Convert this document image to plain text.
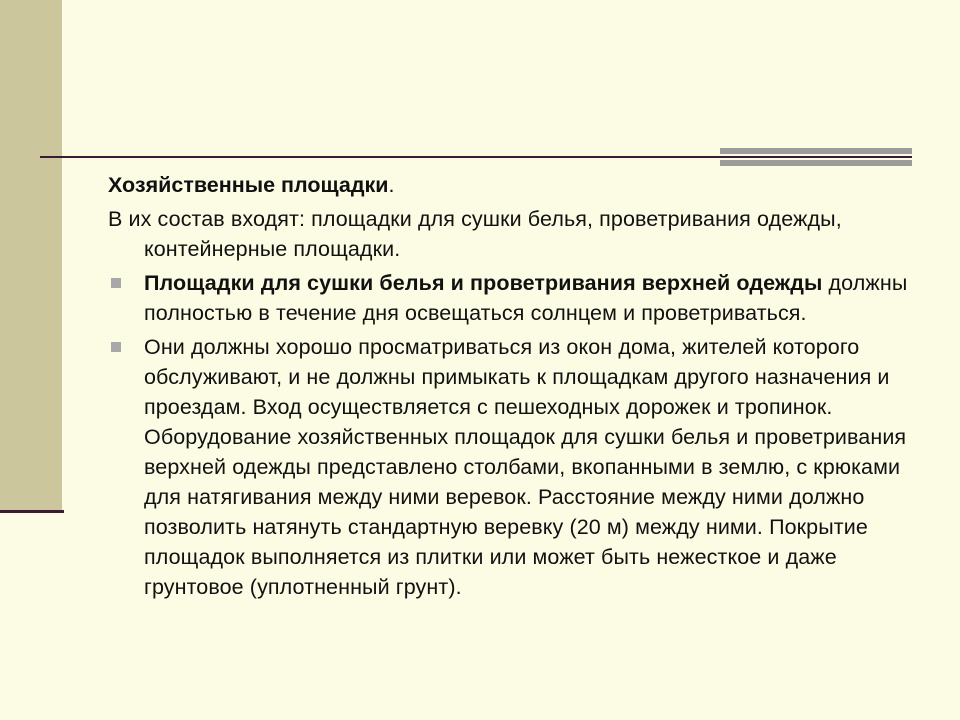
Хозяйственные площадки.

В их состав входят: площадки для сушки белья, проветривания одежды, контейнерные площадки.

Площадки для сушки белья и проветривания верхней одежды должны полностью в течение дня освещаться солнцем и проветриваться.
Они должны хорошо просматриваться из окон дома, жителей которого обслуживают, и не должны примыкать к площадкам другого назначения и проездам. Вход осуществляется с пешеходных дорожек и тропинок. Оборудование хозяйственных площадок для сушки белья и проветривания верхней одежды представлено столбами, вкопанными в землю, с крюками для натягивания между ними веревок. Расстояние между ними должно позволить натянуть стандартную веревку (20 м) между ними. Покрытие площадок выполняется из плитки или может быть нежесткое и даже грунтовое (уплотненный грунт).
